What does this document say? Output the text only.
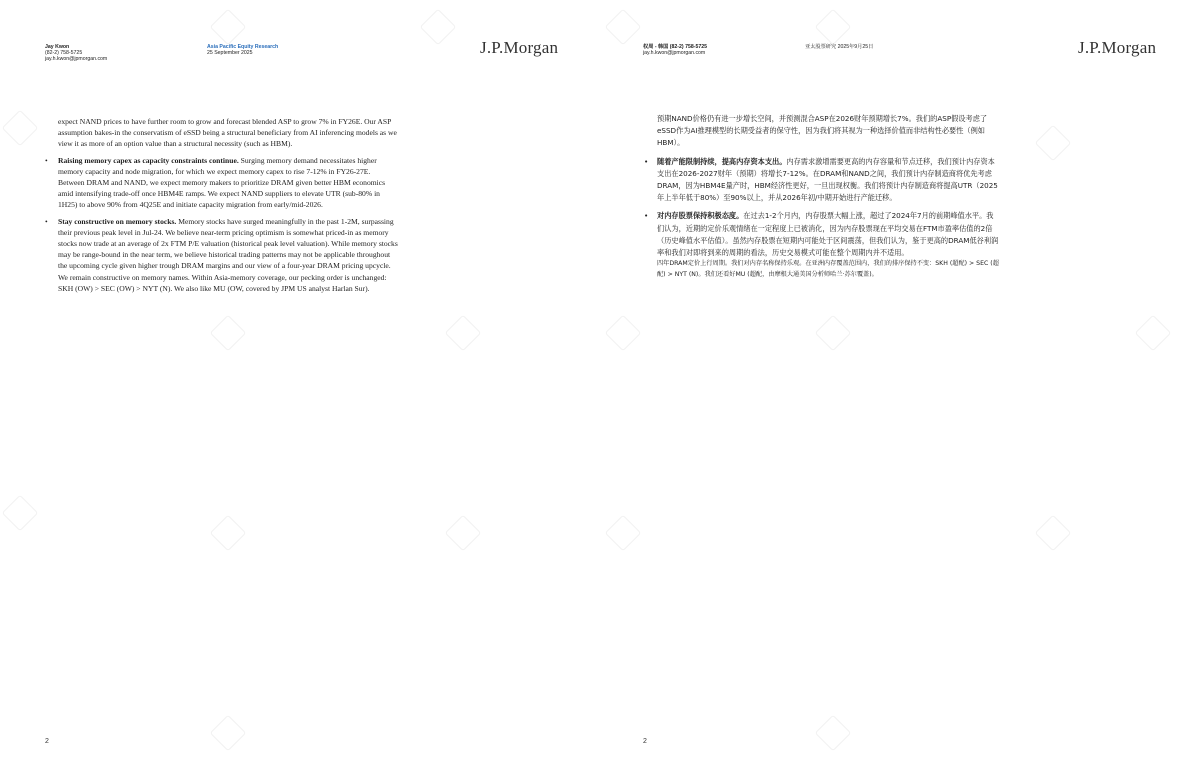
Jay Kwon
(82-2) 758-5725
jay.h.kwon@jpmorgan.com
Asia Pacific Equity Research
25 September 2025	J.P.Morgan

expect NAND prices to have further room to grow and forecast blended ASP to grow 7% in FY26E. Our ASP assumption bakes-in the conservatism of eSSD being a structural beneficiary from AI inferencing models as we view it as more of an option value than a structural necessity (such as HBM).

• Raising memory capex as capacity constraints continue. Surging memory demand necessitates higher memory capacity and node migration, for which we expect memory capex to rise 7-12% in FY26-27E. Between DRAM and NAND, we expect memory makers to prioritize DRAM given better HBM economics amid intensifying trade-off once HBM4E ramps. We expect NAND suppliers to elevate UTR (sub-80% in 1H25) to above 90% from 4Q25E and initiate capacity migration from early/mid-2026.
• Stay constructive on memory stocks. Memory stocks have surged meaningfully in the past 1-2M, surpassing their previous peak level in Jul-24. We believe near-term pricing optimism is somewhat priced-in as memory stocks now trade at an average of 2x FTM P/E valuation (historical peak level valuation). While memory stocks may be range-bound in the near term, we believe historical trading patterns may not be applicable throughout the upcoming cycle given higher trough DRAM margins and our view of a four-year DRAM pricing upcycle. We remain constructive on memory names. Within Asia-memory coverage, our pecking order is unchanged: SKH (OW) > SEC (OW) > NYT (N). We also like MU (OW, covered by JPM US analyst Harlan Sur).
2
权周 - 韩国 (82-2) 758-5725
jay.h.kwon@jpmorgan.com
亚太股票研究 2025年9月25日	J.P.Morgan

预期NAND价格仍有进一步增长空间，并预测混合ASP在2026财年预期增长7%。我们的ASP假设考虑了eSSD作为AI推理模型的长期受益者的保守性，因为我们将其视为一种选择价值而非结构性必要性（例如HBM）。

• 随着产能限制持续，提高内存资本支出。内存需求激增需要更高的内存容量和节点迁移，我们预计内存资本支出在2026-2027财年（预期）将增长7-12%。在DRAM和NAND之间，我们预计内存制造商将优先考虑DRAM，因为HBM4E量产时，HBM经济性更好，一旦出现权衡。我们将预计内存制造商将提高UTR（2025年上半年低于80%）至90%以上，并从2026年初/中期开始进行产能迁移。
• 对内存股票保持积极态度。在过去1-2个月内，内存股票大幅上涨，超过了2024年7月的前期峰值水平。我们认为，近期的定价乐观情绪在一定程度上已被消化，因为内存股票现在平均交易在FTM市盈率估值的2倍（历史峰值水平估值）。虽然内存股票在短期内可能处于区间震荡，但我们认为，鉴于更高的DRAM低谷利润率和我们对即将到来的周期的看法，历史交易模式可能在整个周期内并不适用。
四年DRAM定价上行周期。我们对内存名称保持乐观。在亚洲内存覆盖范围内，我们的排序保持不变：SKH (超配) > SEC (超配) > NYT (N)。我们还看好MU (超配，由摩根大通美国分析师哈兰·苏尔覆盖)。
2
